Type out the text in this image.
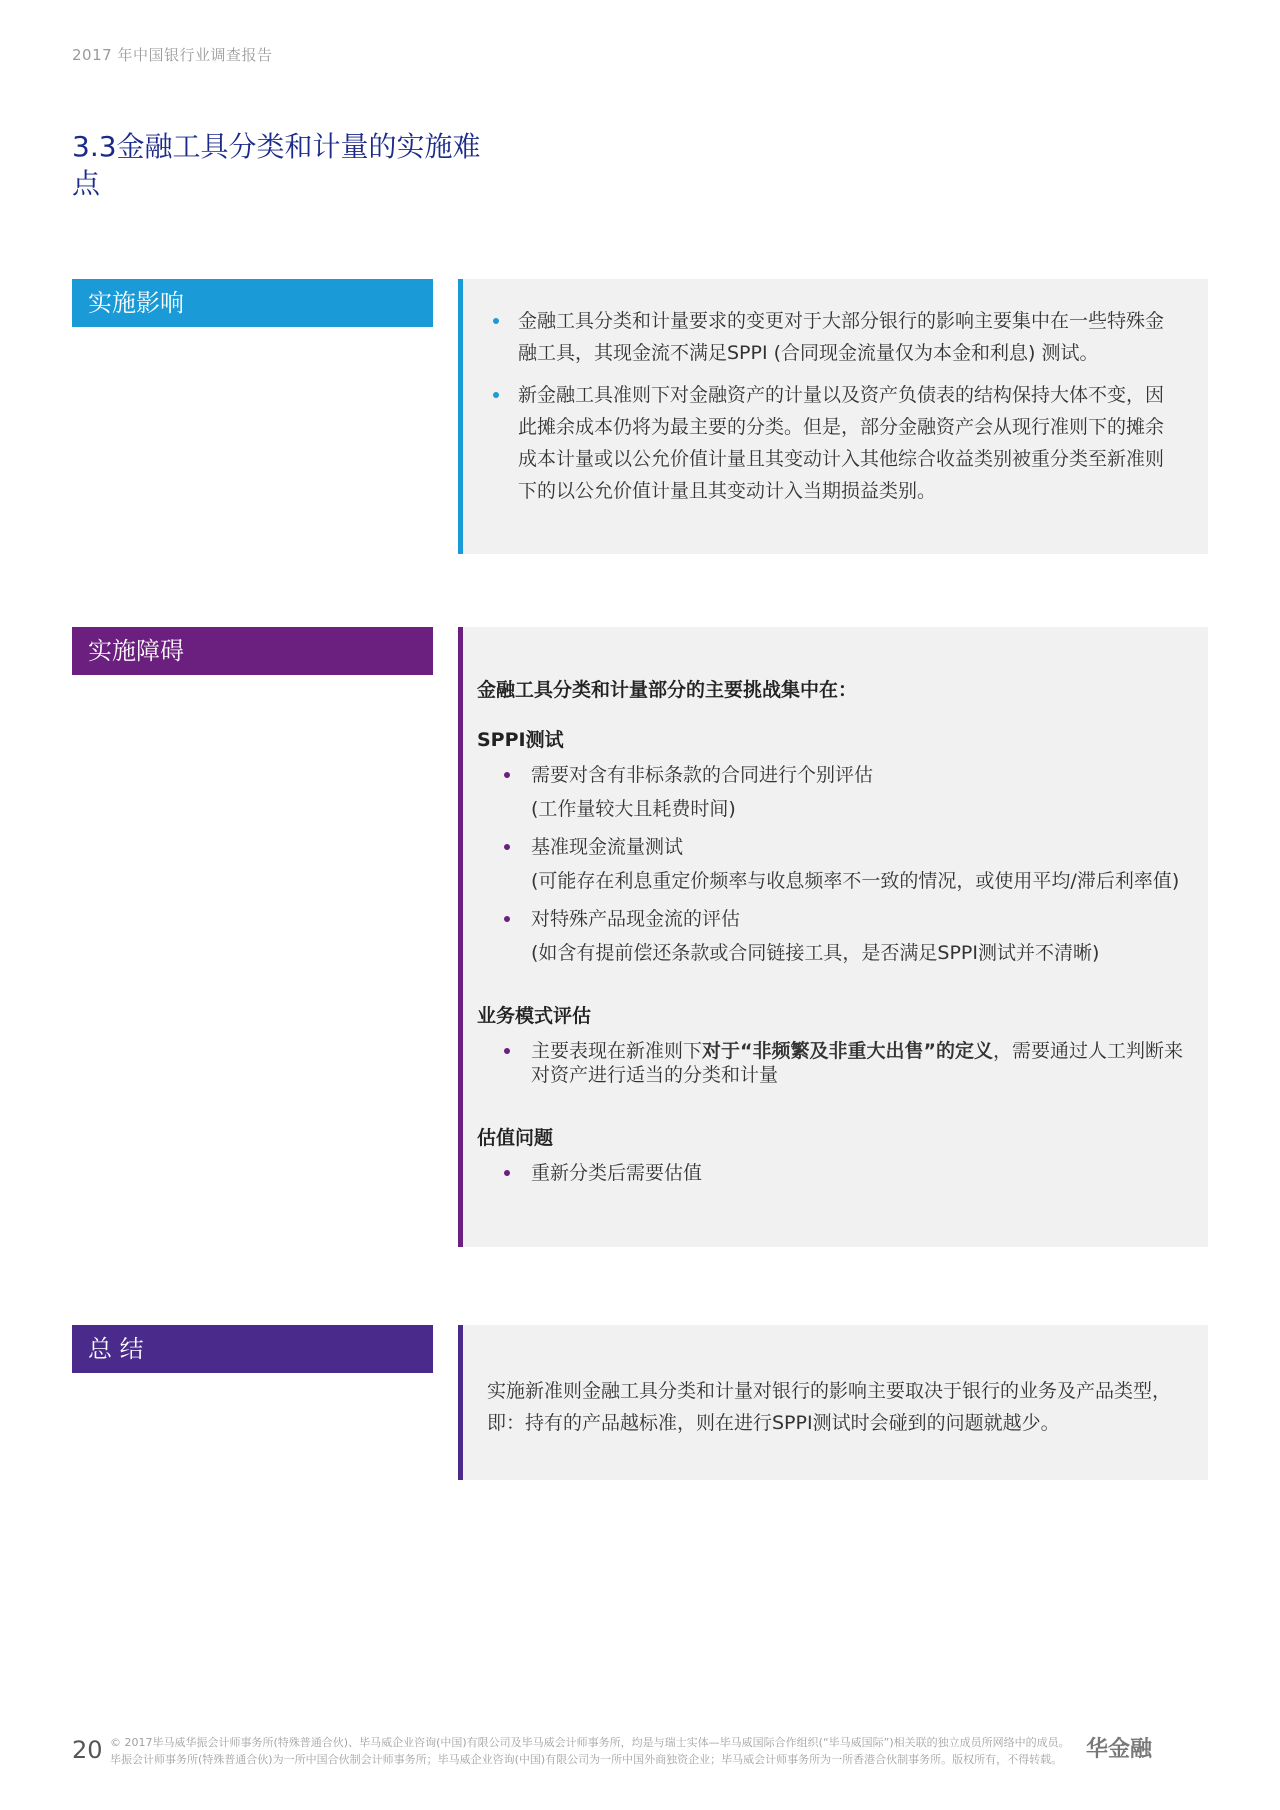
2017 年中国银行业调查报告
3.3金融工具分类和计量的实施难点
实施影响
金融工具分类和计量要求的变更对于大部分银行的影响主要集中在一些特殊金融工具，其现金流不满足SPPI (合同现金流量仅为本金和利息) 测试。
新金融工具准则下对金融资产的计量以及资产负债表的结构保持大体不变，因此摊余成本仍将为最主要的分类。但是，部分金融资产会从现行准则下的摊余成本计量或以公允价值计量且其变动计入其他综合收益类别被重分类至新准则下的以公允价值计量且其变动计入当期损益类别。
实施障碍
金融工具分类和计量部分的主要挑战集中在：
SPPI测试
需要对含有非标条款的合同进行个别评估
(工作量较大且耗费时间)
基准现金流量测试
(可能存在利息重定价频率与收息频率不一致的情况，或使用平均/滞后利率值)
对特殊产品现金流的评估
(如含有提前偿还条款或合同链接工具，是否满足SPPI测试并不清晰)
业务模式评估
主要表现在新准则下对于“非频繁及非重大出售”的定义，需要通过人工判断来对资产进行适当的分类和计量
估值问题
重新分类后需要估值
总 结
实施新准则金融工具分类和计量对银行的影响主要取决于银行的业务及产品类型，即：持有的产品越标准，则在进行SPPI测试时会碰到的问题就越少。
20 © 2017毕马威华振会计师事务所(特殊普通合伙)、毕马威企业咨询(中国)有限公司及毕马威会计师事务所，均是与瑞士实体—毕马威国际合作组织(“毕马威国际”)相关联的独立成员所网络中的成员。
毕振会计师事务所(特殊普通合伙)为一所中国合伙制会计师事务所；毕马威企业咨询(中国)有限公司为一所中国外商独资企业；毕马威会计师事务所为一所香港合伙制事务所。版权所有，不得转载。	华金融
